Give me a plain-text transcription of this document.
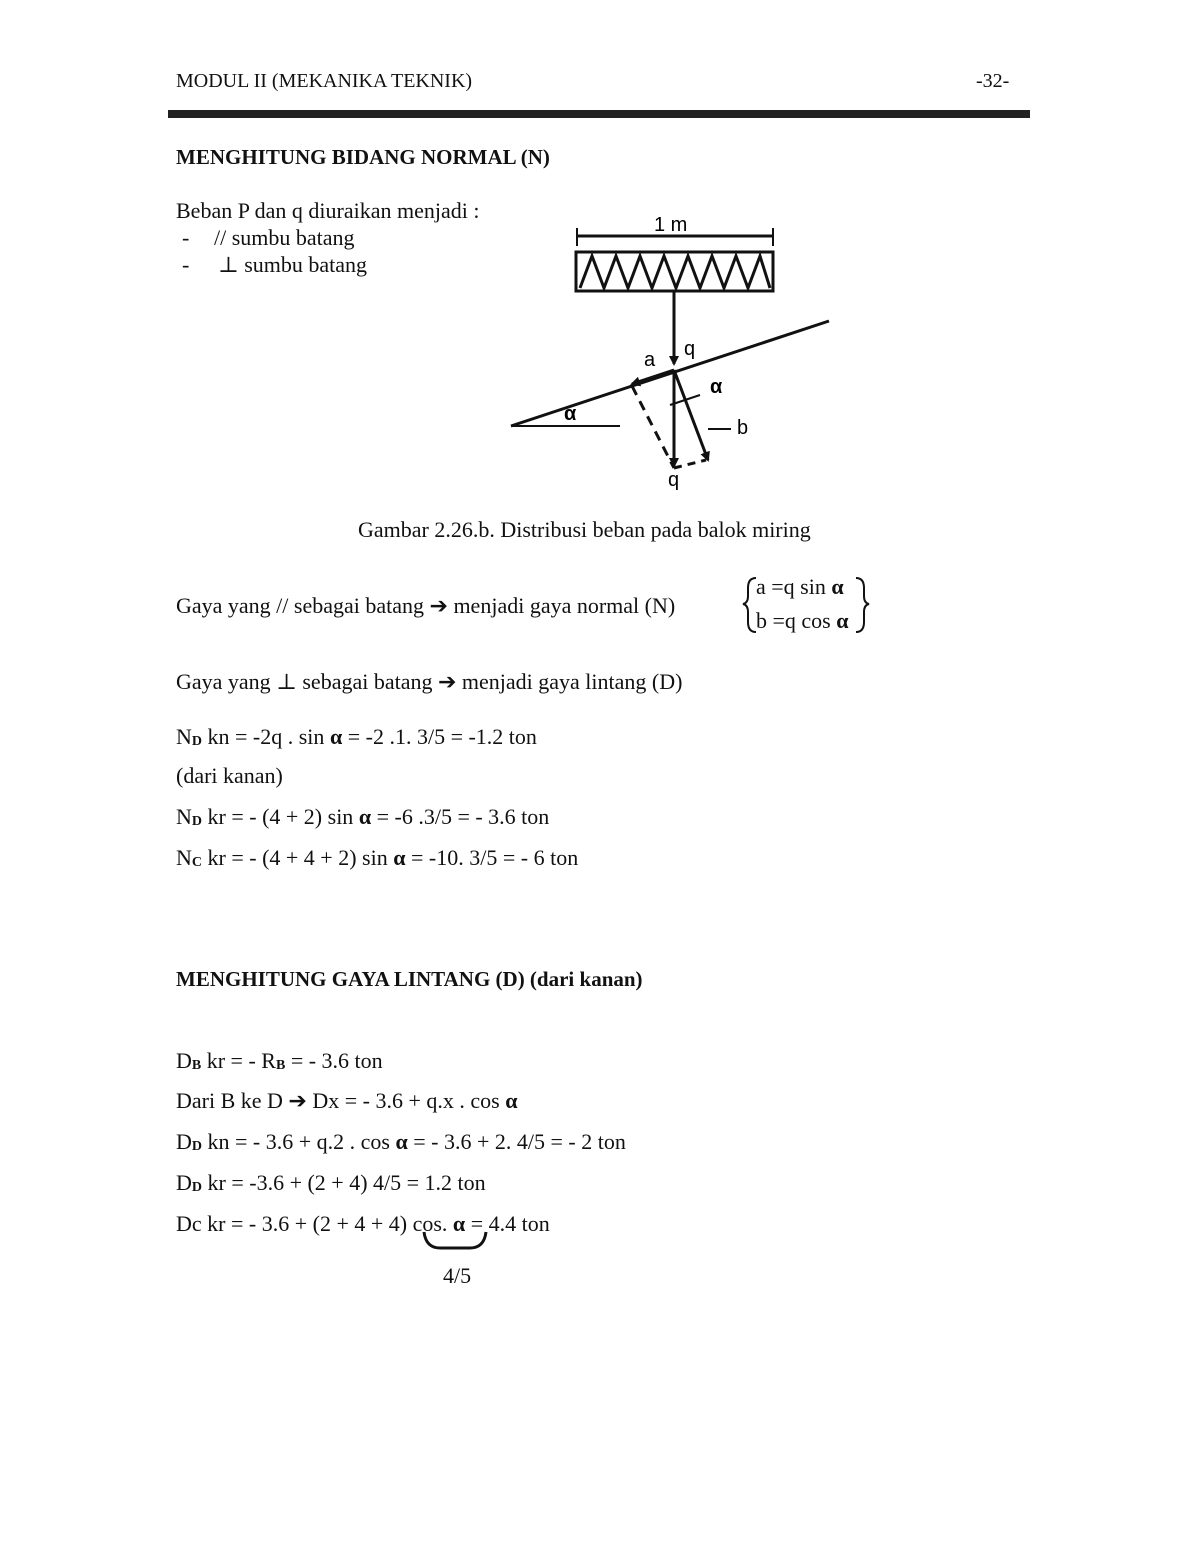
MODUL II (MEKANIKA TEKNIK)	-32-
MENGHITUNG BIDANG NORMAL (N)
Beban P dan q diuraikan menjadi :
- // sumbu batang
- ⊥ sumbu batang
1 m
q
a
α
α
b
q
Gambar 2.26.b. Distribusi beban pada balok miring
Gaya yang // sebagai batang ➔ menjadi gaya normal (N)
a =q sin α
b =q cos α
Gaya yang ⊥ sebagai batang ➔ menjadi gaya lintang (D)
ND kn = -2q . sin α = -2 .1. 3/5 = -1.2 ton
(dari kanan)
ND kr = - (4 + 2) sin α = -6 .3/5 = - 3.6 ton
NC kr = - (4 + 4 + 2) sin α = -10. 3/5 = - 6 ton
MENGHITUNG GAYA LINTANG (D) (dari kanan)
DB kr = - RB = - 3.6 ton
Dari B ke D ➔ Dx = - 3.6 + q.x . cos α
DD kn = - 3.6 + q.2 . cos α = - 3.6 + 2. 4/5 = - 2 ton
DD kr = -3.6 + (2 + 4) 4/5 = 1.2 ton
Dc kr = - 3.6 + (2 + 4 + 4) cos. α = 4.4 ton
4/5
